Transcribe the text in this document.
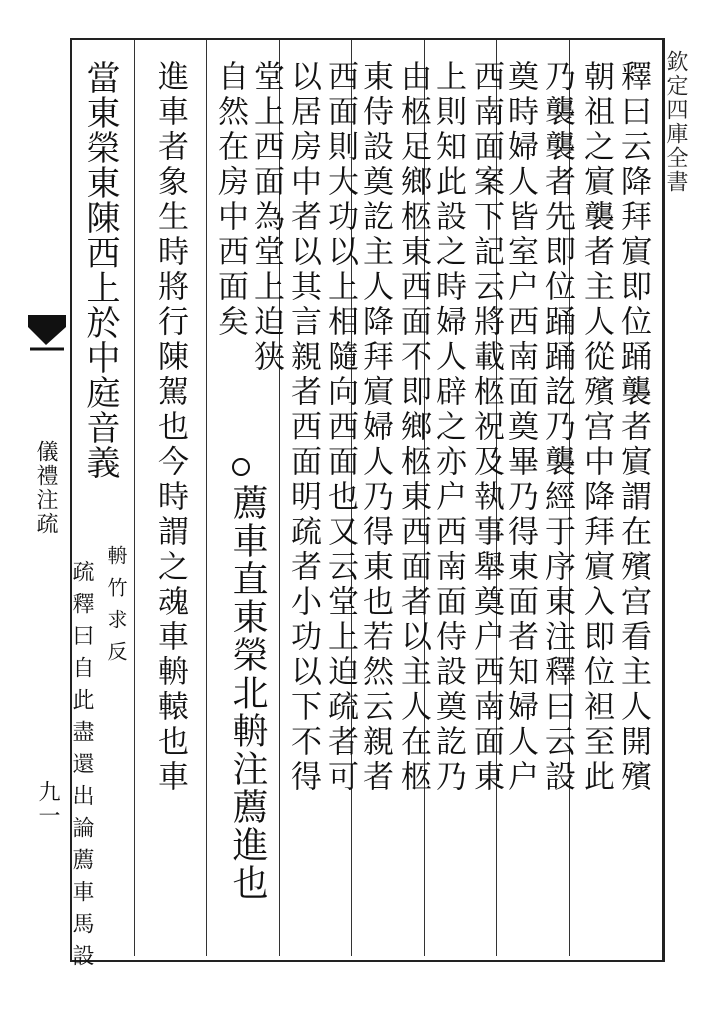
欽定四庫全書
儀禮注疏
九一
釋曰云降拜賔即位踊襲者賔謂在殯宫看主人開殯
朝祖之賔襲者主人從殯宫中降拜賔入即位袒至此
乃襲襲者先即位踊踊訖乃襲經于序東注釋曰云設
奠時婦人皆室户西南面奠畢乃得東面者知婦人户
西南面案下記云將載柩祝及執事舉奠户西南面東
上則知此設之時婦人辟之亦户西南面侍設奠訖乃
由柩足鄉柩東西面不即鄉柩東西面者以主人在柩
東侍設奠訖主人降拜賔婦人乃得東也若然云親者
西面則大功以上相隨向西面也又云堂上迫疏者可
以居房中者以其言親者西面明疏者小功以下不得
堂上西面為堂上迫狭
自然在房中西面矣
薦車直東榮北輈注薦進也
進車者象生時將行陳駕也今時謂之魂車輈轅也車
當東榮東陳西上於中庭音義
輈竹求反
疏釋曰自此盡還出論薦車馬設
